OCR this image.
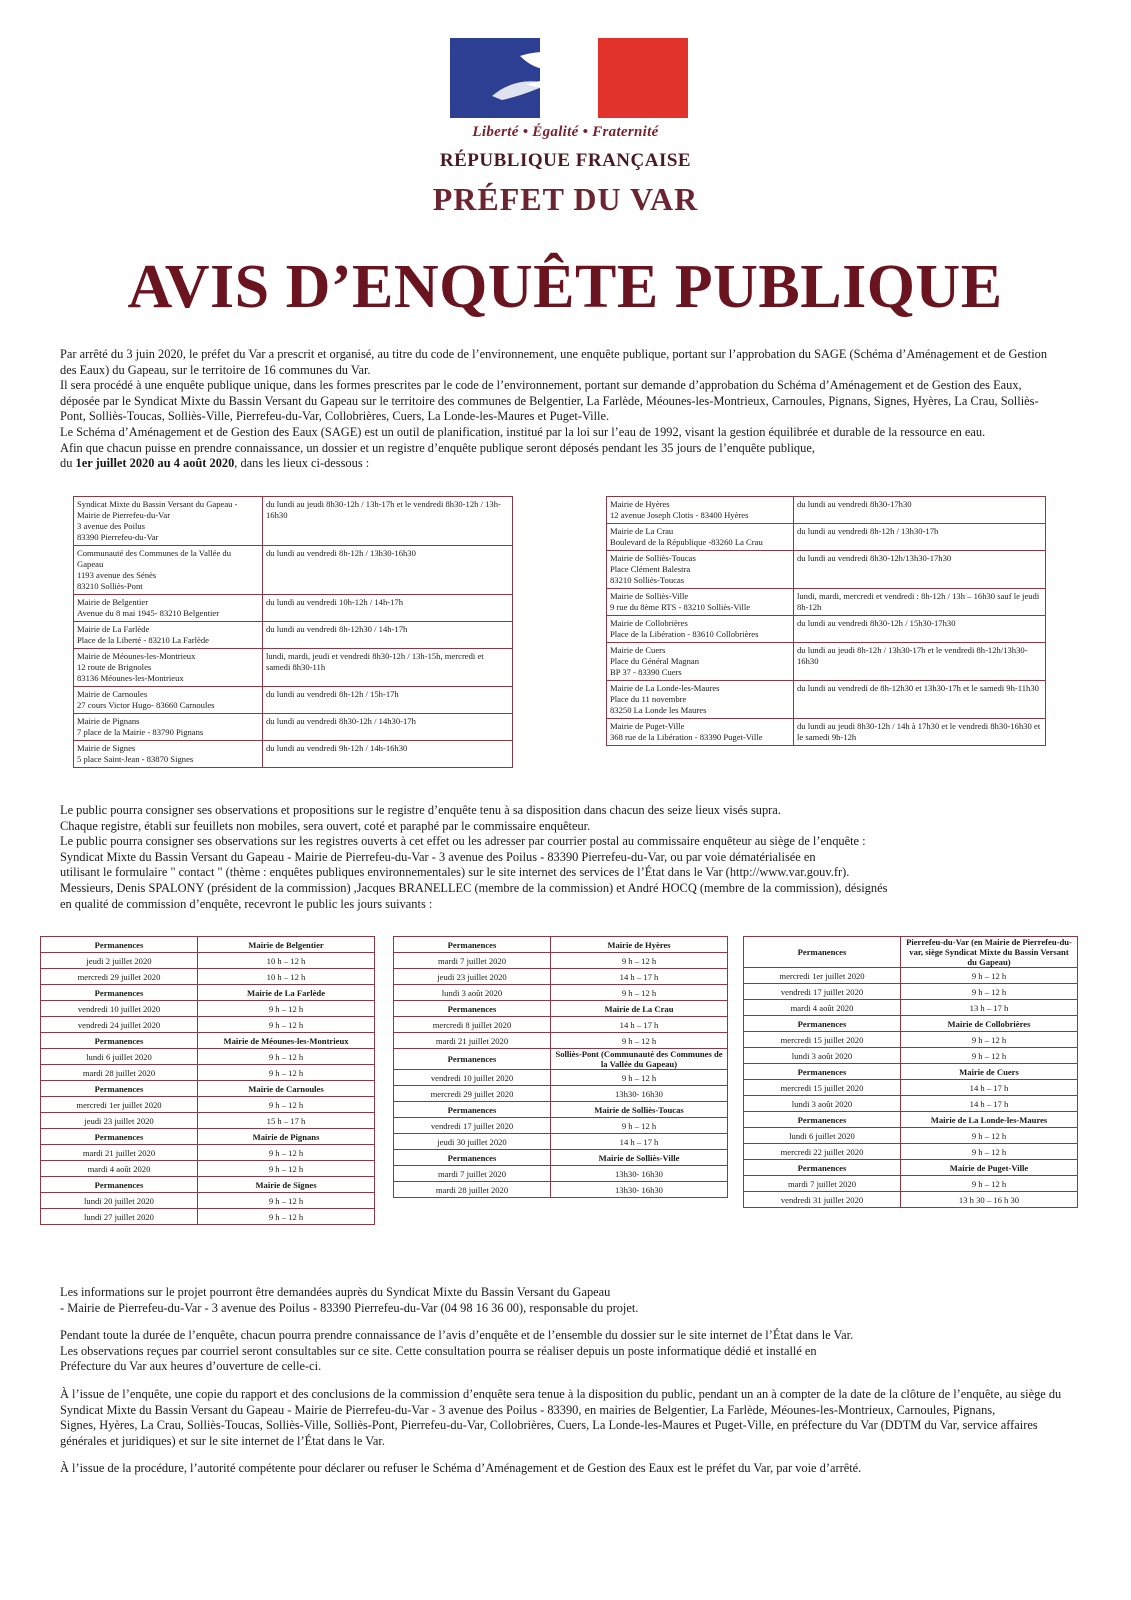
Liberté • Égalité • Fraternité
RÉPUBLIQUE FRANÇAISE
PRÉFET DU VAR
AVIS D’ENQUÊTE PUBLIQUE

Par arrêté du 3 juin 2020, le préfet du Var a prescrit et organisé, au titre du code de l’environnement, une enquête publique, portant sur l’approbation du SAGE (Schéma d’Aménagement et de Gestion des Eaux) du Gapeau, sur le territoire de 16 communes du Var.

Il sera procédé à une enquête publique unique, dans les formes prescrites par le code de l’environnement, portant sur demande d’approbation du Schéma d’Aménagement et de Gestion des Eaux, déposée par le Syndicat Mixte du Bassin Versant du Gapeau sur le territoire des communes de Belgentier, La Farlède, Méounes-les-Montrieux, Carnoules, Pignans, Signes, Hyères, La Crau, Solliès-Pont, Solliès-Toucas, Solliès-Ville, Pierrefeu-du-Var, Collobrières, Cuers, La Londe-les-Maures et Puget-Ville.

Le Schéma d’Aménagement et de Gestion des Eaux (SAGE) est un outil de planification, institué par la loi sur l’eau de 1992, visant la gestion équilibrée et durable de la ressource en eau.

Afin que chacun puisse en prendre connaissance, un dossier et un registre d’enquête publique seront déposés pendant les 35 jours de l’enquête publique,

du 1er juillet 2020 au 4 août 2020, dans les lieux ci-dessous :

Syndicat Mixte du Bassin Versant du Gapeau - Mairie de Pierrefeu-du-Var
3 avenue des Poilus
83390 Pierrefeu-du-Var	du lundi au jeudi 8h30-12h / 13h-17h et le vendredi 8h30-12h / 13h-16h30
Communauté des Communes de la Vallée du Gapeau
1193 avenue des Sénès
83210 Solliès-Pont	du lundi au vendredi 8h-12h / 13h30-16h30
Mairie de Belgentier
Avenue du 8 mai 1945- 83210 Belgentier	du lundi au vendredi 10h-12h / 14h-17h
Mairie de La Farlède
Place de la Liberté - 83210 La Farlède	du lundi au vendredi 8h-12h30 / 14h-17h
Mairie de Méounes-les-Montrieux
12 route de Brignoles
83136 Méounes-les-Montrieux	lundi, mardi, jeudi et vendredi 8h30-12h / 13h-15h, mercredi et samedi 8h30-11h
Mairie de Carnoules
27 cours Victor Hugo- 83660 Carnoules	du lundi au vendredi 8h-12h / 15h-17h
Mairie de Pignans
7 place de la Mairie - 83790 Pignans	du lundi au vendredi 8h30-12h / 14h30-17h
Mairie de Signes
5 place Saint-Jean - 83870 Signes	du lundi au vendredi 9h-12h / 14h-16h30
Mairie de Hyères
12 avenue Joseph Clotis - 83400 Hyères	du lundi au vendredi 8h30-17h30
Mairie de La Crau
Boulevard de la République -83260 La Crau	du lundi au vendredi 8h-12h / 13h30-17h
Mairie de Solliès-Toucas
Place Clément Balestra
83210 Solliès-Toucas	du lundi au vendredi 8h30-12h/13h30-17h30
Mairie de Solliès-Ville
9 rue du 8ème RTS - 83210 Solliès-Ville	lundi, mardi, mercredi et vendredi : 8h-12h / 13h – 16h30 sauf le jeudi 8h-12h
Mairie de Collobrières
Place de la Libération - 83610 Collobrières	du lundi au vendredi 8h30-12h / 15h30-17h30
Mairie de Cuers
Place du Général Magnan
BP 37 - 83390 Cuers	du lundi au jeudi 8h-12h / 13h30-17h et le vendredi 8h-12h/13h30-16h30
Mairie de La Londe-les-Maures
Place du 11 novembre
83250 La Londe les Maures	du lundi au vendredi de 8h-12h30 et 13h30-17h et le samedi 9h-11h30
Mairie de Puget-Ville
368 rue de la Libération - 83390 Puget-Ville	du lundi au jeudi 8h30-12h / 14h à 17h30 et le vendredi 8h30-16h30 et le samedi 9h-12h

Le public pourra consigner ses observations et propositions sur le registre d’enquête tenu à sa disposition dans chacun des seize lieux visés supra.

Chaque registre, établi sur feuillets non mobiles, sera ouvert, coté et paraphé par le commissaire enquêteur.

Le public pourra consigner ses observations sur les registres ouverts à cet effet ou les adresser par courrier postal au commissaire enquêteur au siège de l’enquête :

Syndicat Mixte du Bassin Versant du Gapeau - Mairie de Pierrefeu-du-Var - 3 avenue des Poilus - 83390 Pierrefeu-du-Var, ou par voie dématérialisée en

utilisant le formulaire " contact " (thème : enquêtes publiques environnementales) sur le site internet des services de l’État dans le Var (http://www.var.gouv.fr).

Messieurs, Denis SPALONY (président de la commission) ,Jacques BRANELLEC (membre de la commission) et André HOCQ (membre de la commission), désignés

en qualité de commission d’enquête, recevront le public les jours suivants :

Permanences	Mairie de Belgentier
jeudi 2 juillet 2020	10 h – 12 h
mercredi 29 juillet 2020	10 h – 12 h
Permanences	Mairie de La Farlède
vendredi 10 juillet 2020	9 h – 12 h
vendredi 24 juillet 2020	9 h – 12 h
Permanences	Mairie de Méounes-les-Montrieux
lundi 6 juillet 2020	9 h – 12 h
mardi 28 juillet 2020	9 h – 12 h
Permanences	Mairie de Carnoules
mercredi 1er juillet 2020	9 h – 12 h
jeudi 23 juillet 2020	15 h – 17 h
Permanences	Mairie de Pignans
mardi 21 juillet 2020	9 h – 12 h
mardi 4 août 2020	9 h – 12 h
Permanences	Mairie de Signes
lundi 20 juillet 2020	9 h – 12 h
lundi 27 juillet 2020	9 h – 12 h
Permanences	Mairie de Hyères
mardi 7 juillet 2020	9 h – 12 h
jeudi 23 juillet 2020	14 h – 17 h
lundi 3 août 2020	9 h – 12 h
Permanences	Mairie de La Crau
mercredi 8 juillet 2020	14 h – 17 h
mardi 21 juillet 2020	9 h – 12 h
Permanences	Solliès-Pont (Communauté des Communes de la Vallée du Gapeau)
vendredi 10 juillet 2020	9 h – 12 h
mercredi 29 juillet 2020	13h30- 16h30
Permanences	Mairie de Solliès-Toucas
vendredi 17 juillet 2020	9 h – 12 h
jeudi 30 juillet 2020	14 h – 17 h
Permanences	Mairie de Solliès-Ville
mardi 7 juillet 2020	13h30- 16h30
mardi 28 juillet 2020	13h30- 16h30
Permanences	Pierrefeu-du-Var (en Mairie de Pierrefeu-du-var, siège Syndicat Mixte du Bassin Versant du Gapeau)
mercredi 1er juillet 2020	9 h – 12 h
vendredi 17 juillet 2020	9 h – 12 h
mardi 4 août 2020	13 h – 17 h
Permanences	Mairie de Collobrières
mercredi 15 juillet 2020	9 h – 12 h
lundi 3 août 2020	9 h – 12 h
Permanences	Mairie de Cuers
mercredi 15 juillet 2020	14 h – 17 h
lundi 3 août 2020	14 h – 17 h
Permanences	Mairie de La Londe-les-Maures
lundi 6 juillet 2020	9 h – 12 h
mercredi 22 juillet 2020	9 h – 12 h
Permanences	Mairie de Puget-Ville
mardi 7 juillet 2020	9 h – 12 h
vendredi 31 juillet 2020	13 h 30 – 16 h 30

Les informations sur le projet pourront être demandées auprès du Syndicat Mixte du Bassin Versant du Gapeau
- Mairie de Pierrefeu-du-Var - 3 avenue des Poilus - 83390 Pierrefeu-du-Var (04 98 16 36 00), responsable du projet.

Pendant toute la durée de l’enquête, chacun pourra prendre connaissance de l’avis d’enquête et de l’ensemble du dossier sur le site internet de l’État dans le Var.
Les observations reçues par courriel seront consultables sur ce site. Cette consultation pourra se réaliser depuis un poste informatique dédié et installé en
Préfecture du Var aux heures d’ouverture de celle-ci.

À l’issue de l’enquête, une copie du rapport et des conclusions de la commission d’enquête sera tenue à la disposition du public, pendant un an à compter de la date de la clôture de l’enquête, au siège du Syndicat Mixte du Bassin Versant du Gapeau - Mairie de Pierrefeu-du-Var - 3 avenue des Poilus - 83390, en mairies de Belgentier, La Farlède, Méounes-les-Montrieux, Carnoules, Pignans,
Signes, Hyères, La Crau, Solliès-Toucas, Solliès-Ville, Solliès-Pont, Pierrefeu-du-Var, Collobrières, Cuers, La Londe-les-Maures et Puget-Ville, en préfecture du Var (DDTM du Var, service affaires générales et juridiques) et sur le site internet de l’État dans le Var.

À l’issue de la procédure, l’autorité compétente pour déclarer ou refuser le Schéma d’Aménagement et de Gestion des Eaux est le préfet du Var, par voie d’arrêté.
